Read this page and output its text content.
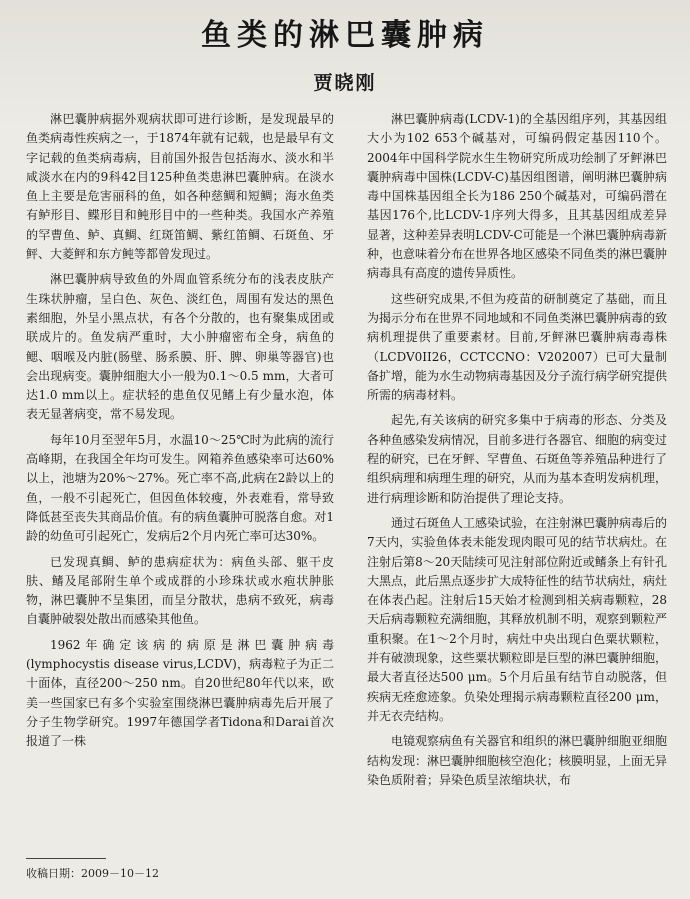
鱼类的淋巴囊肿病
贾晓刚

淋巴囊肿病据外观病状即可进行诊断，是发现最早的鱼类病毒性疾病之一，于1874年就有记载，也是最早有文字记载的鱼类病毒病，目前国外报告包括海水、淡水和半咸淡水在内的9科42目125种鱼类患淋巴囊肿病。在淡水鱼上主要是危害丽科的鱼，如各种慈鲷和短鲷；海水鱼类有鲈形目、鲽形目和鲀形目中的一些种类。我国水产养殖的罕曹鱼、鲈、真鲷、红斑笛鲷、紫红笛鲷、石斑鱼、牙鲆、大菱鲆和东方鲀等都曾发现过。

淋巴囊肿病导致鱼的外周血管系统分布的浅表皮肤产生珠状肿瘤，呈白色、灰色、淡红色，周围有发达的黑色素细胞，外呈小黑点状，有各个分散的，也有聚集成团或联成片的。鱼发病严重时，大小肿瘤密布全身，病鱼的鳃、咽喉及内脏(肠壁、肠系膜、肝、脾、卵巢等器官)也会出现病变。囊肿细胞大小一般为0.1～0.5 mm，大者可达1.0 mm以上。症状轻的患鱼仅见鳍上有少量水泡，体表无显著病变，常不易发现。

每年10月至翌年5月，水温10～25℃时为此病的流行高峰期，在我国全年均可发生。网箱养鱼感染率可达60%以上，池塘为20%～27%。死亡率不高,此病在2龄以上的鱼，一般不引起死亡，但因鱼体较瘦，外表难看，常导致降低甚至丧失其商品价值。有的病鱼囊肿可脱落自愈。对1龄的幼鱼可引起死亡，发病后2个月内死亡率可达30%。

已发现真鲷、鲈的患病症状为：病鱼头部、躯干皮肤、鳍及尾部附生单个或成群的小珍珠状或水疱状肿胀物，淋巴囊肿不呈集团，而呈分散状，患病不致死，病毒自囊肿破裂处散出而感染其他鱼。

1962年确定该病的病原是淋巴囊肿病毒(lymphocystis disease virus,LCDV)，病毒粒子为正二十面体，直径200～250 nm。自20世纪80年代以来，欧美一些国家已有多个实验室围绕淋巴囊肿病毒先后开展了分子生物学研究。1997年德国学者Tidona和Darai首次报道了一株

淋巴囊肿病毒(LCDV-1)的全基因组序列，其基因组大小为102 653个碱基对，可编码假定基因110个。2004年中国科学院水生生物研究所成功绘制了牙鲆淋巴囊肿病毒中国株(LCDV-C)基因组图谱，阐明淋巴囊肿病毒中国株基因组全长为186 250个碱基对，可编码潜在基因176个,比LCDV-1序列大得多，且其基因组成差异显著，这种差异表明LCDV-C可能是一个淋巴囊肿病毒新种，也意味着分布在世界各地区感染不同鱼类的淋巴囊肿病毒具有高度的遗传异质性。

这些研究成果,不但为疫苗的研制奠定了基础，而且为揭示分布在世界不同地域和不同鱼类淋巴囊肿病毒的致病机理提供了重要素材。目前,牙鲆淋巴囊肿病毒毒株（LCDV0II26，CCTCCNO：V202007）已可大量制备扩增，能为水生动物病毒基因及分子流行病学研究提供所需的病毒材料。

起先,有关该病的研究多集中于病毒的形态、分类及各种鱼感染发病情况，目前多进行各器官、细胞的病变过程的研究，已在牙鲆、罕曹鱼、石斑鱼等养殖品种进行了组织病理和病理生理的研究，从而为基本查明发病机理，进行病理诊断和防治提供了理论支持。

通过石斑鱼人工感染试验，在注射淋巴囊肿病毒后的7天内，实验鱼体表未能发现肉眼可见的结节状病灶。在注射后第8～20天陆续可见注射部位附近或鳍条上有针孔大黑点，此后黑点逐步扩大成特征性的结节状病灶，病灶在体表凸起。注射后15天始才检测到相关病毒颗粒，28天后病毒颗粒充满细胞，其释放机制不明，观察到颗粒严重积聚。在1～2个月时，病灶中央出现白色粟状颗粒，并有破溃现象，这些粟状颗粒即是巨型的淋巴囊肿细胞，最大者直径达500 μm。5个月后虽有结节自动脱落，但疾病无痊愈迹象。负染处理揭示病毒颗粒直径200 μm，并无衣壳结构。

电镜观察病鱼有关器官和组织的淋巴囊肿细胞亚细胞结构发现：淋巴囊肿细胞核空泡化；核膜明显，上面无异染色质附着；异染色质呈浓缩块状，布

收稿日期：2009－10－12
